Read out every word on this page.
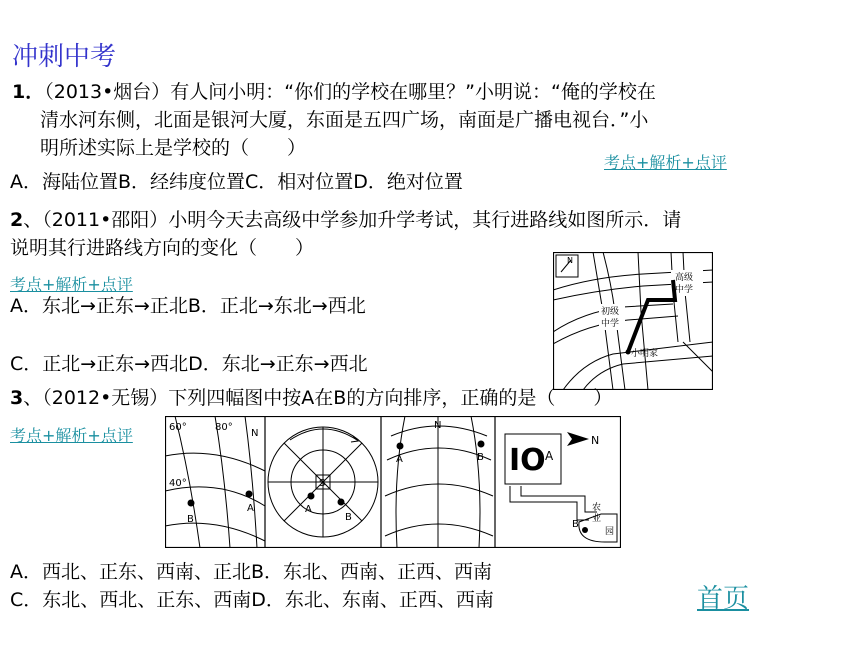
冲刺中考
1．（2013•烟台）有人问小明：“你们的学校在哪里？”小明说：“俺的学校在
清水河东侧，北面是银河大厦，东面是五四广场，南面是广播电视台．”小
明所述实际上是学校的（　　）
考点+解析+点评
A．海陆位置B．经纬度位置C．相对位置D．绝对位置
2、（2011•邵阳）小明今天去高级中学参加升学考试，其行进路线如图所示．请
说明其行进路线方向的变化（　　）
考点+解析+点评
A．东北→正东→正北B．正北→东北→西北
C．正北→正东→西北D．东北→正东→西北
N
高级
中学
初级
中学
小明家
3、（2012•无锡）下列四幅图中按A在B的方向排序，正确的是（　　）
考点+解析+点评	60°	80°
N
40°
B
A
S
A
B
N
A	B IO A
N
农
业
B
园
A．西北、正东、西南、正北B．东北、西南、正西、西南
C．东北、西北、正东、西南D．东北、东南、正西、西南	首页
